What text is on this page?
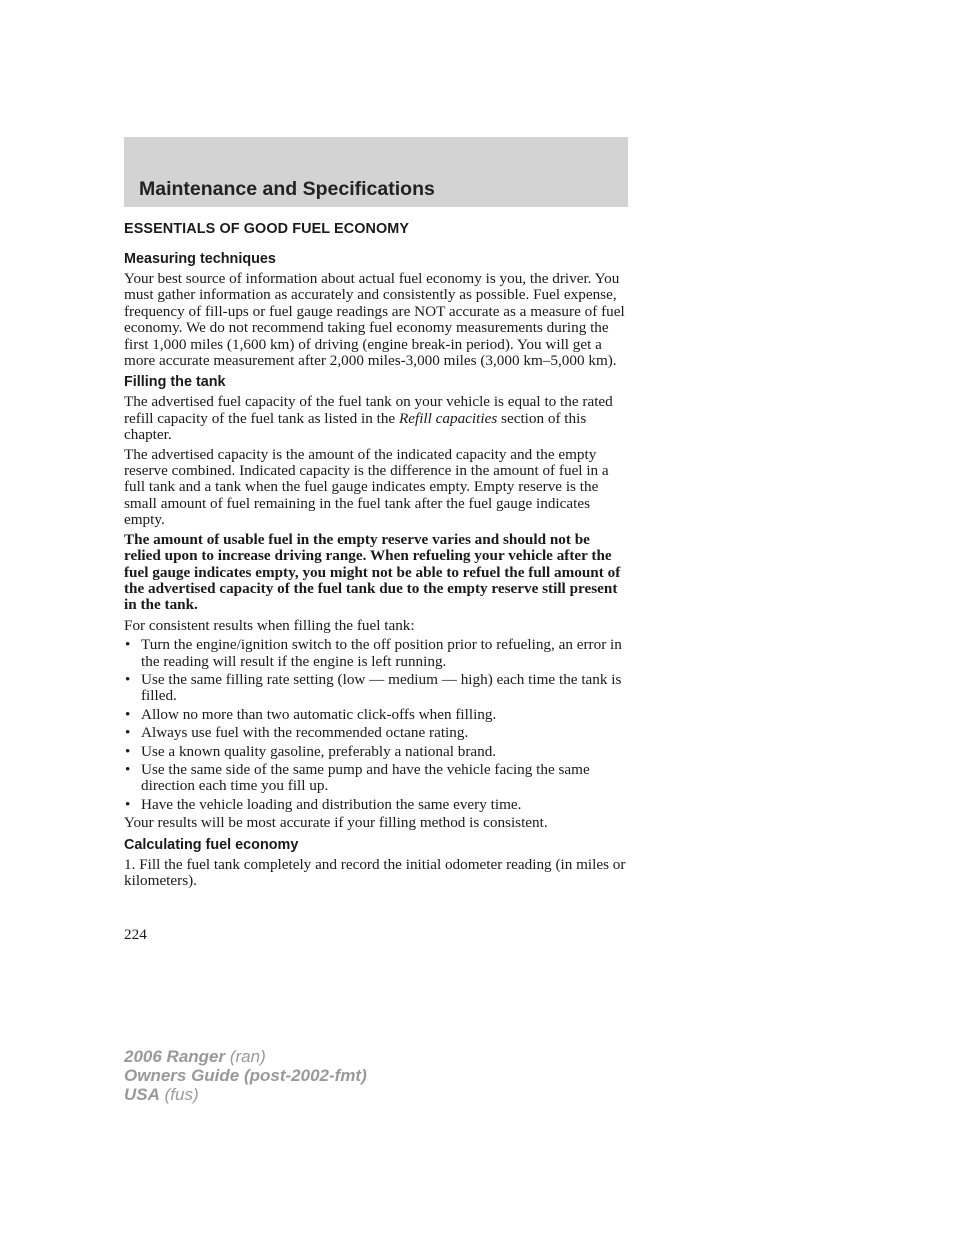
Maintenance and Specifications
ESSENTIALS OF GOOD FUEL ECONOMY
Measuring techniques

Your best source of information about actual fuel economy is you, the driver. You must gather information as accurately and consistently as possible. Fuel expense, frequency of fill-ups or fuel gauge readings are NOT accurate as a measure of fuel economy. We do not recommend taking fuel economy measurements during the first 1,000 miles (1,600 km) of driving (engine break-in period). You will get a more accurate measurement after 2,000 miles-3,000 miles (3,000 km–5,000 km).

Filling the tank

The advertised fuel capacity of the fuel tank on your vehicle is equal to the rated refill capacity of the fuel tank as listed in the Refill capacities section of this chapter.

The advertised capacity is the amount of the indicated capacity and the empty reserve combined. Indicated capacity is the difference in the amount of fuel in a full tank and a tank when the fuel gauge indicates empty. Empty reserve is the small amount of fuel remaining in the fuel tank after the fuel gauge indicates empty.

The amount of usable fuel in the empty reserve varies and should not be relied upon to increase driving range. When refueling your vehicle after the fuel gauge indicates empty, you might not be able to refuel the full amount of the advertised capacity of the fuel tank due to the empty reserve still present in the tank.

For consistent results when filling the fuel tank:

• Turn the engine/ignition switch to the off position prior to refueling, an error in the reading will result if the engine is left running.
• Use the same filling rate setting (low — medium — high) each time the tank is filled.
• Allow no more than two automatic click-offs when filling.
• Always use fuel with the recommended octane rating.
• Use a known quality gasoline, preferably a national brand.
• Use the same side of the same pump and have the vehicle facing the same direction each time you fill up.
• Have the vehicle loading and distribution the same every time.

Your results will be most accurate if your filling method is consistent.

Calculating fuel economy

1. Fill the fuel tank completely and record the initial odometer reading (in miles or kilometers).

224
2006 Ranger (ran)
Owners Guide (post-2002-fmt)
USA (fus)
